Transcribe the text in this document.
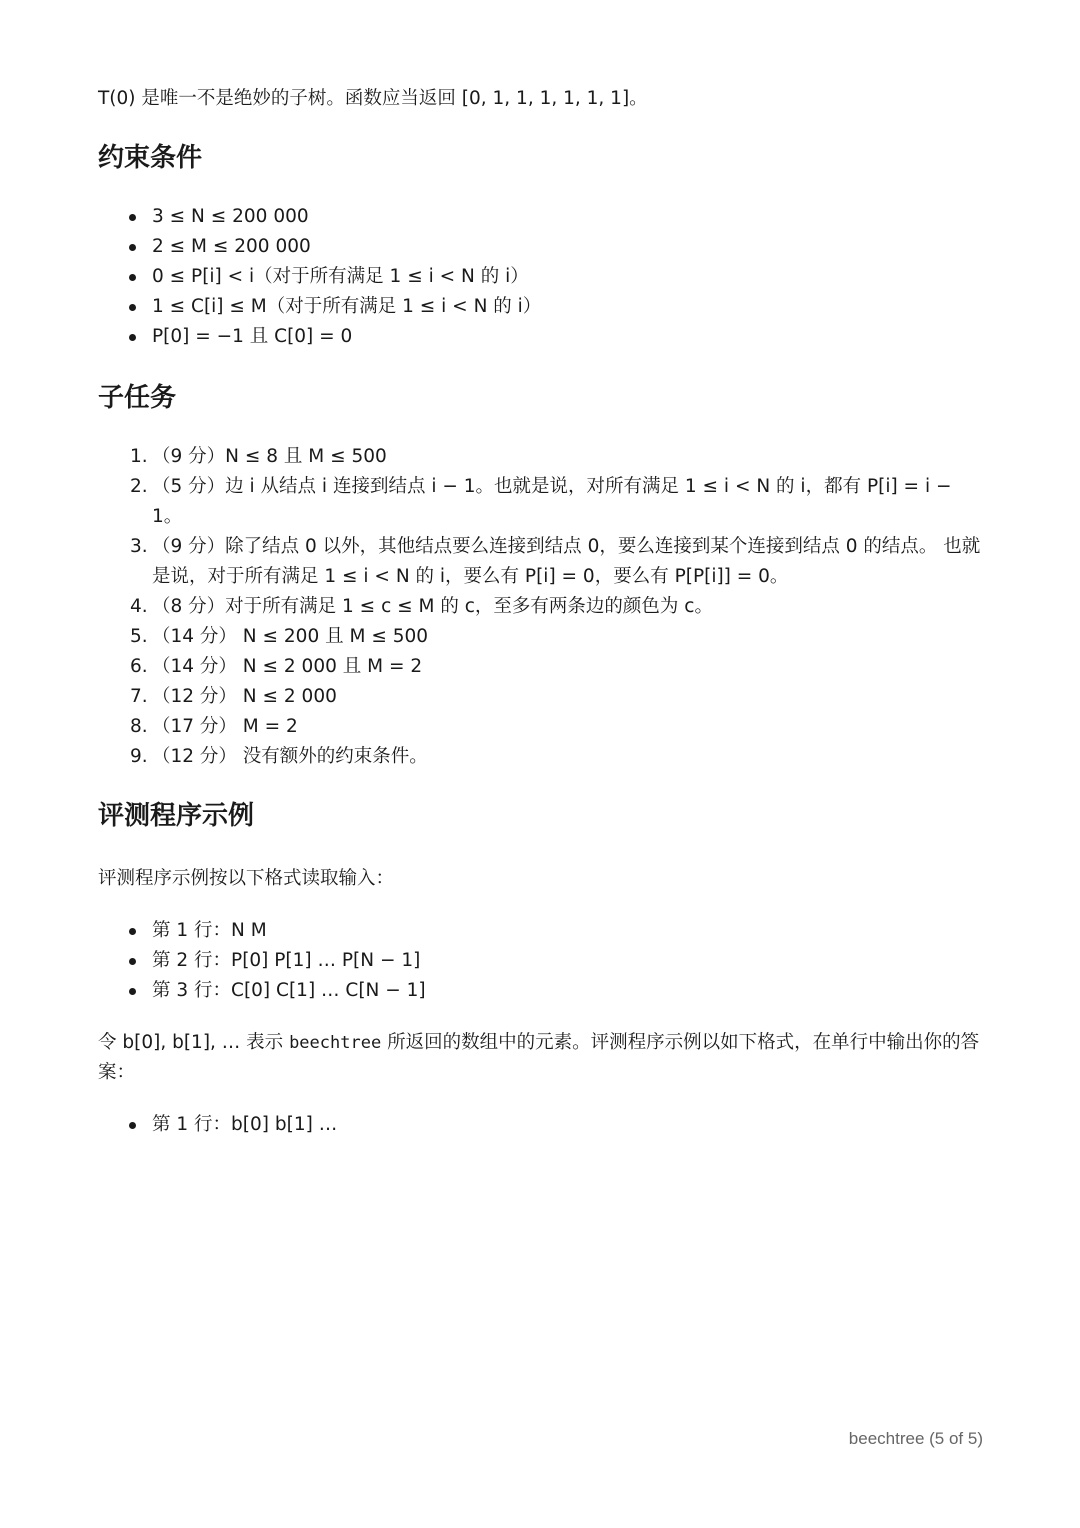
T(0) 是唯一不是绝妙的子树。函数应当返回 [0, 1, 1, 1, 1, 1, 1]。

约束条件
3 ≤ N ≤ 200 000
2 ≤ M ≤ 200 000
0 ≤ P[i] < i（对于所有满足 1 ≤ i < N 的 i）
1 ≤ C[i] ≤ M（对于所有满足 1 ≤ i < N 的 i）
P[0] = −1 且 C[0] = 0
子任务
1. （9 分）N ≤ 8 且 M ≤ 500
2. （5 分）边 i 从结点 i 连接到结点 i − 1。也就是说，对所有满足 1 ≤ i < N 的 i，都有 P[i] = i − 1。
3. （9 分）除了结点 0 以外，其他结点要么连接到结点 0，要么连接到某个连接到结点 0 的结点。 也就是说，对于所有满足 1 ≤ i < N 的 i，要么有 P[i] = 0，要么有 P[P[i]] = 0。
4. （8 分）对于所有满足 1 ≤ c ≤ M 的 c，至多有两条边的颜色为 c。
5. （14 分） N ≤ 200 且 M ≤ 500
6. （14 分） N ≤ 2 000 且 M = 2
7. （12 分） N ≤ 2 000
8. （17 分） M = 2
9. （12 分） 没有额外的约束条件。
评测程序示例

评测程序示例按以下格式读取输入：

第 1 行：N M
第 2 行：P[0] P[1] … P[N − 1]
第 3 行：C[0] C[1] … C[N − 1]

令 b[0], b[1], … 表示 beechtree 所返回的数组中的元素。评测程序示例以如下格式，在单行中输出你的答案：

第 1 行：b[0] b[1] …
beechtree (5 of 5)
